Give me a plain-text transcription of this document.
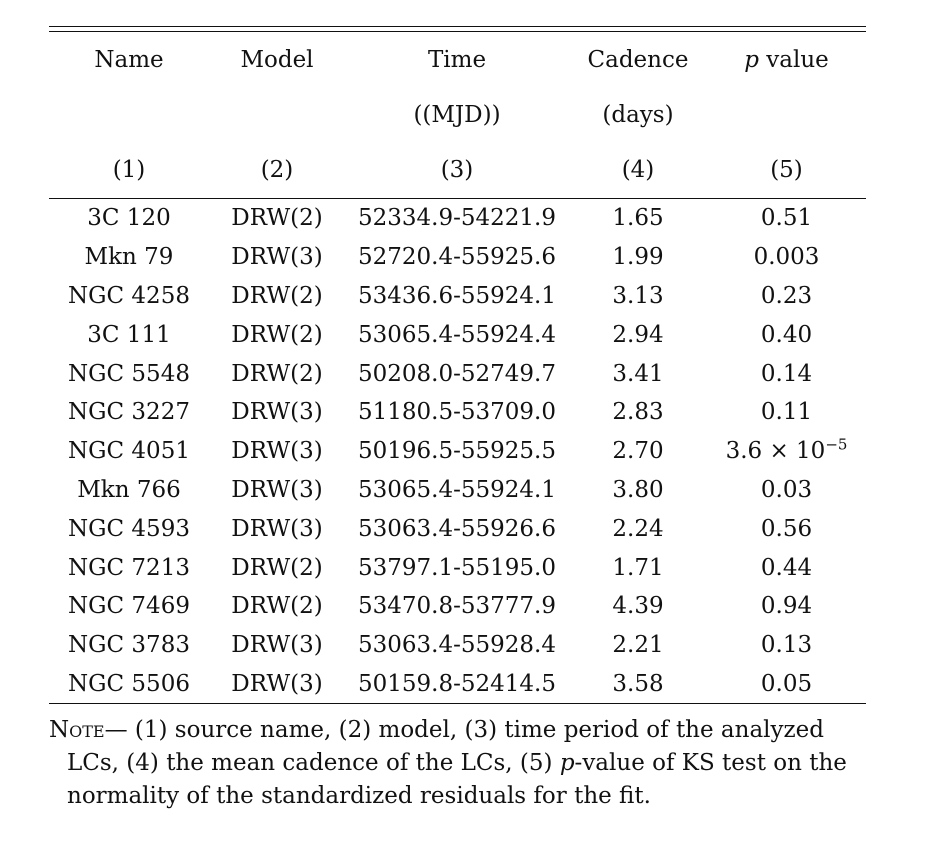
Name	Model	Time	Cadence	p value
		((MJD))	(days)	
(1)	(2)	(3)	(4)	(5)

3C 120	DRW(2)	52334.9-54221.9	1.65	0.51
Mkn 79	DRW(3)	52720.4-55925.6	1.99	0.003
NGC 4258	DRW(2)	53436.6-55924.1	3.13	0.23
3C 111	DRW(2)	53065.4-55924.4	2.94	0.40
NGC 5548	DRW(2)	50208.0-52749.7	3.41	0.14
NGC 3227	DRW(3)	51180.5-53709.0	2.83	0.11
NGC 4051	DRW(3)	50196.5-55925.5	2.70	$3.6 \times 10^{-5}$
Mkn 766	DRW(3)	53065.4-55924.1	3.80	0.03
NGC 4593	DRW(3)	53063.4-55926.6	2.24	0.56
NGC 7213	DRW(2)	53797.1-55195.0	1.71	0.44
NGC 7469	DRW(2)	53470.8-53777.9	4.39	0.94
NGC 3783	DRW(3)	53063.4-55928.4	2.21	0.13
NGC 5506	DRW(3)	50159.8-52414.5	3.58	0.05
Note— (1) source name, (2) model, (3) time period of the analyzed
LCs, (4) the mean cadence of the LCs, (5) p-value of KS test on the
normality of the standardized residuals for the fit.
